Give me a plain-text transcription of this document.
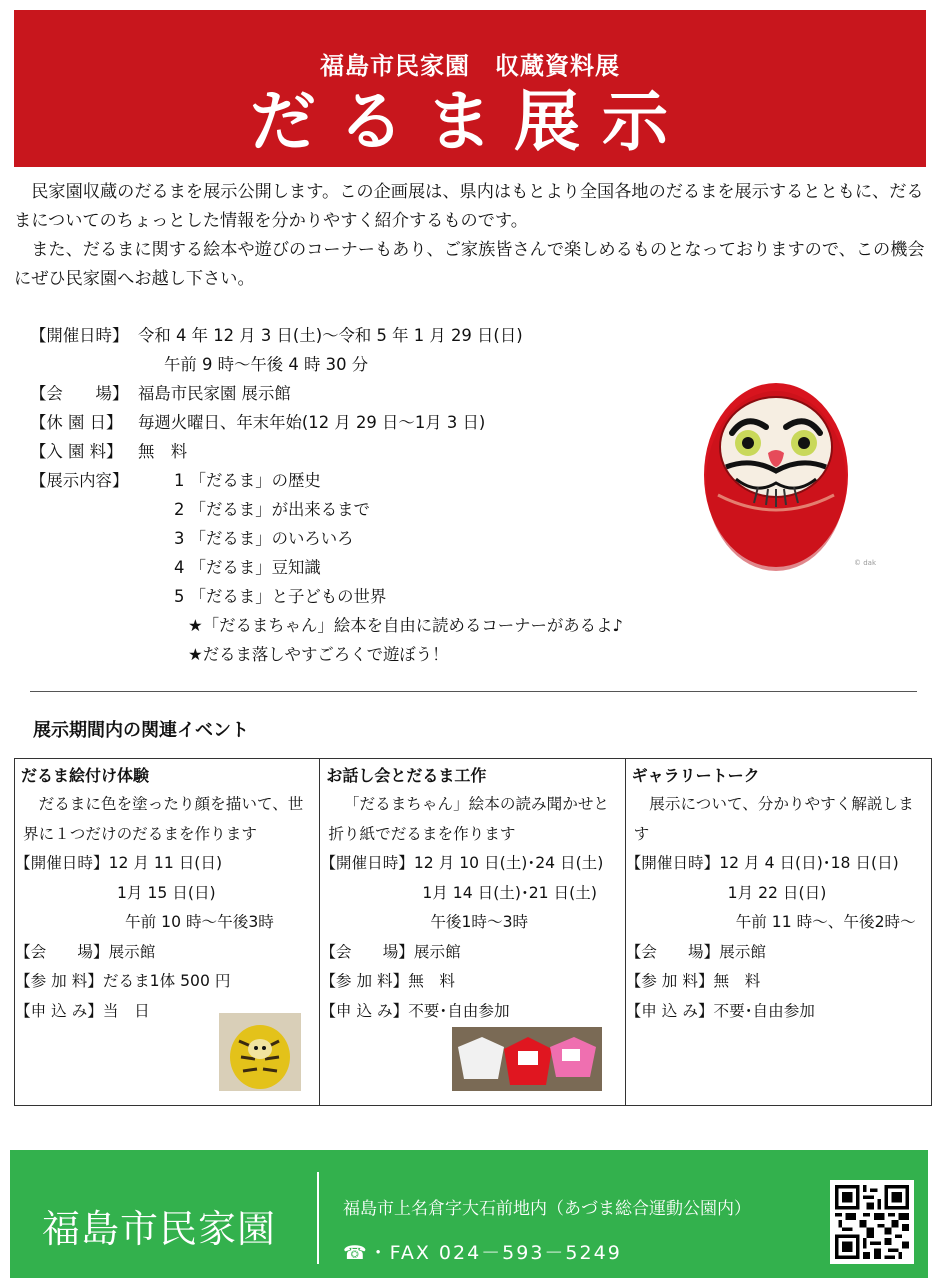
福島市民家園　収蔵資料展
だるま展示

民家園収蔵のだるまを展示公開します。この企画展は、県内はもとより全国各地のだるまを展示するとともに、だるまについてのちょっとした情報を分かりやすく紹介するものです。

また、だるまに関する絵本や遊びのコーナーもあり、ご家族皆さんで楽しめるものとなっておりますので、この機会にぜひ民家園へお越し下さい。

【開催日時】 令和 4 年 12 月 3 日(土)～令和 5 年 1 月 29 日(日)
午前 9 時～午後 4 時 30 分
【会　　場】 福島市民家園 展示館
【休 園 日】 毎週火曜日、年末年始(12 月 29 日～1月 3 日)
【入 園 料】 無　料
【展示内容】	1 「だるま」の歴史
2 「だるま」が出来るまで
3 「だるま」のいろいろ
4 「だるま」豆知識
5 「だるま」と子どもの世界
★「だるまちゃん」絵本を自由に読めるコーナーがあるよ♪
★だるま落しやすごろくで遊ぼう！
© dak
展示期間内の関連イベント
だるま絵付け体験
だるまに色を塗ったり顔を描いて、世界に１つだけのだるまを作ります
【開催日時】12 月 11 日(日)
1月 15 日(日)
午前 10 時～午後3時
【会　　場】展示館
【参 加 料】だるま1体 500 円
【申 込 み】当　日
お話し会とだるま工作
「だるまちゃん」絵本の読み聞かせと折り紙でだるまを作ります
【開催日時】12 月 10 日(土)･24 日(土)
1月 14 日(土)･21 日(土)
午後1時～3時
【会　　場】展示館
【参 加 料】無　料
【申 込 み】不要･自由参加
ギャラリートーク
展示について、分かりやすく解説します
【開催日時】12 月 4 日(日)･18 日(日)
1月 22 日(日)
午前 11 時～、午後2時～
【会　　場】展示館
【参 加 料】無　料
【申 込 み】不要･自由参加
福島市民家園	福島市上名倉字大石前地内（あづま総合運動公園内）
☎・FAX 024－593－5249
